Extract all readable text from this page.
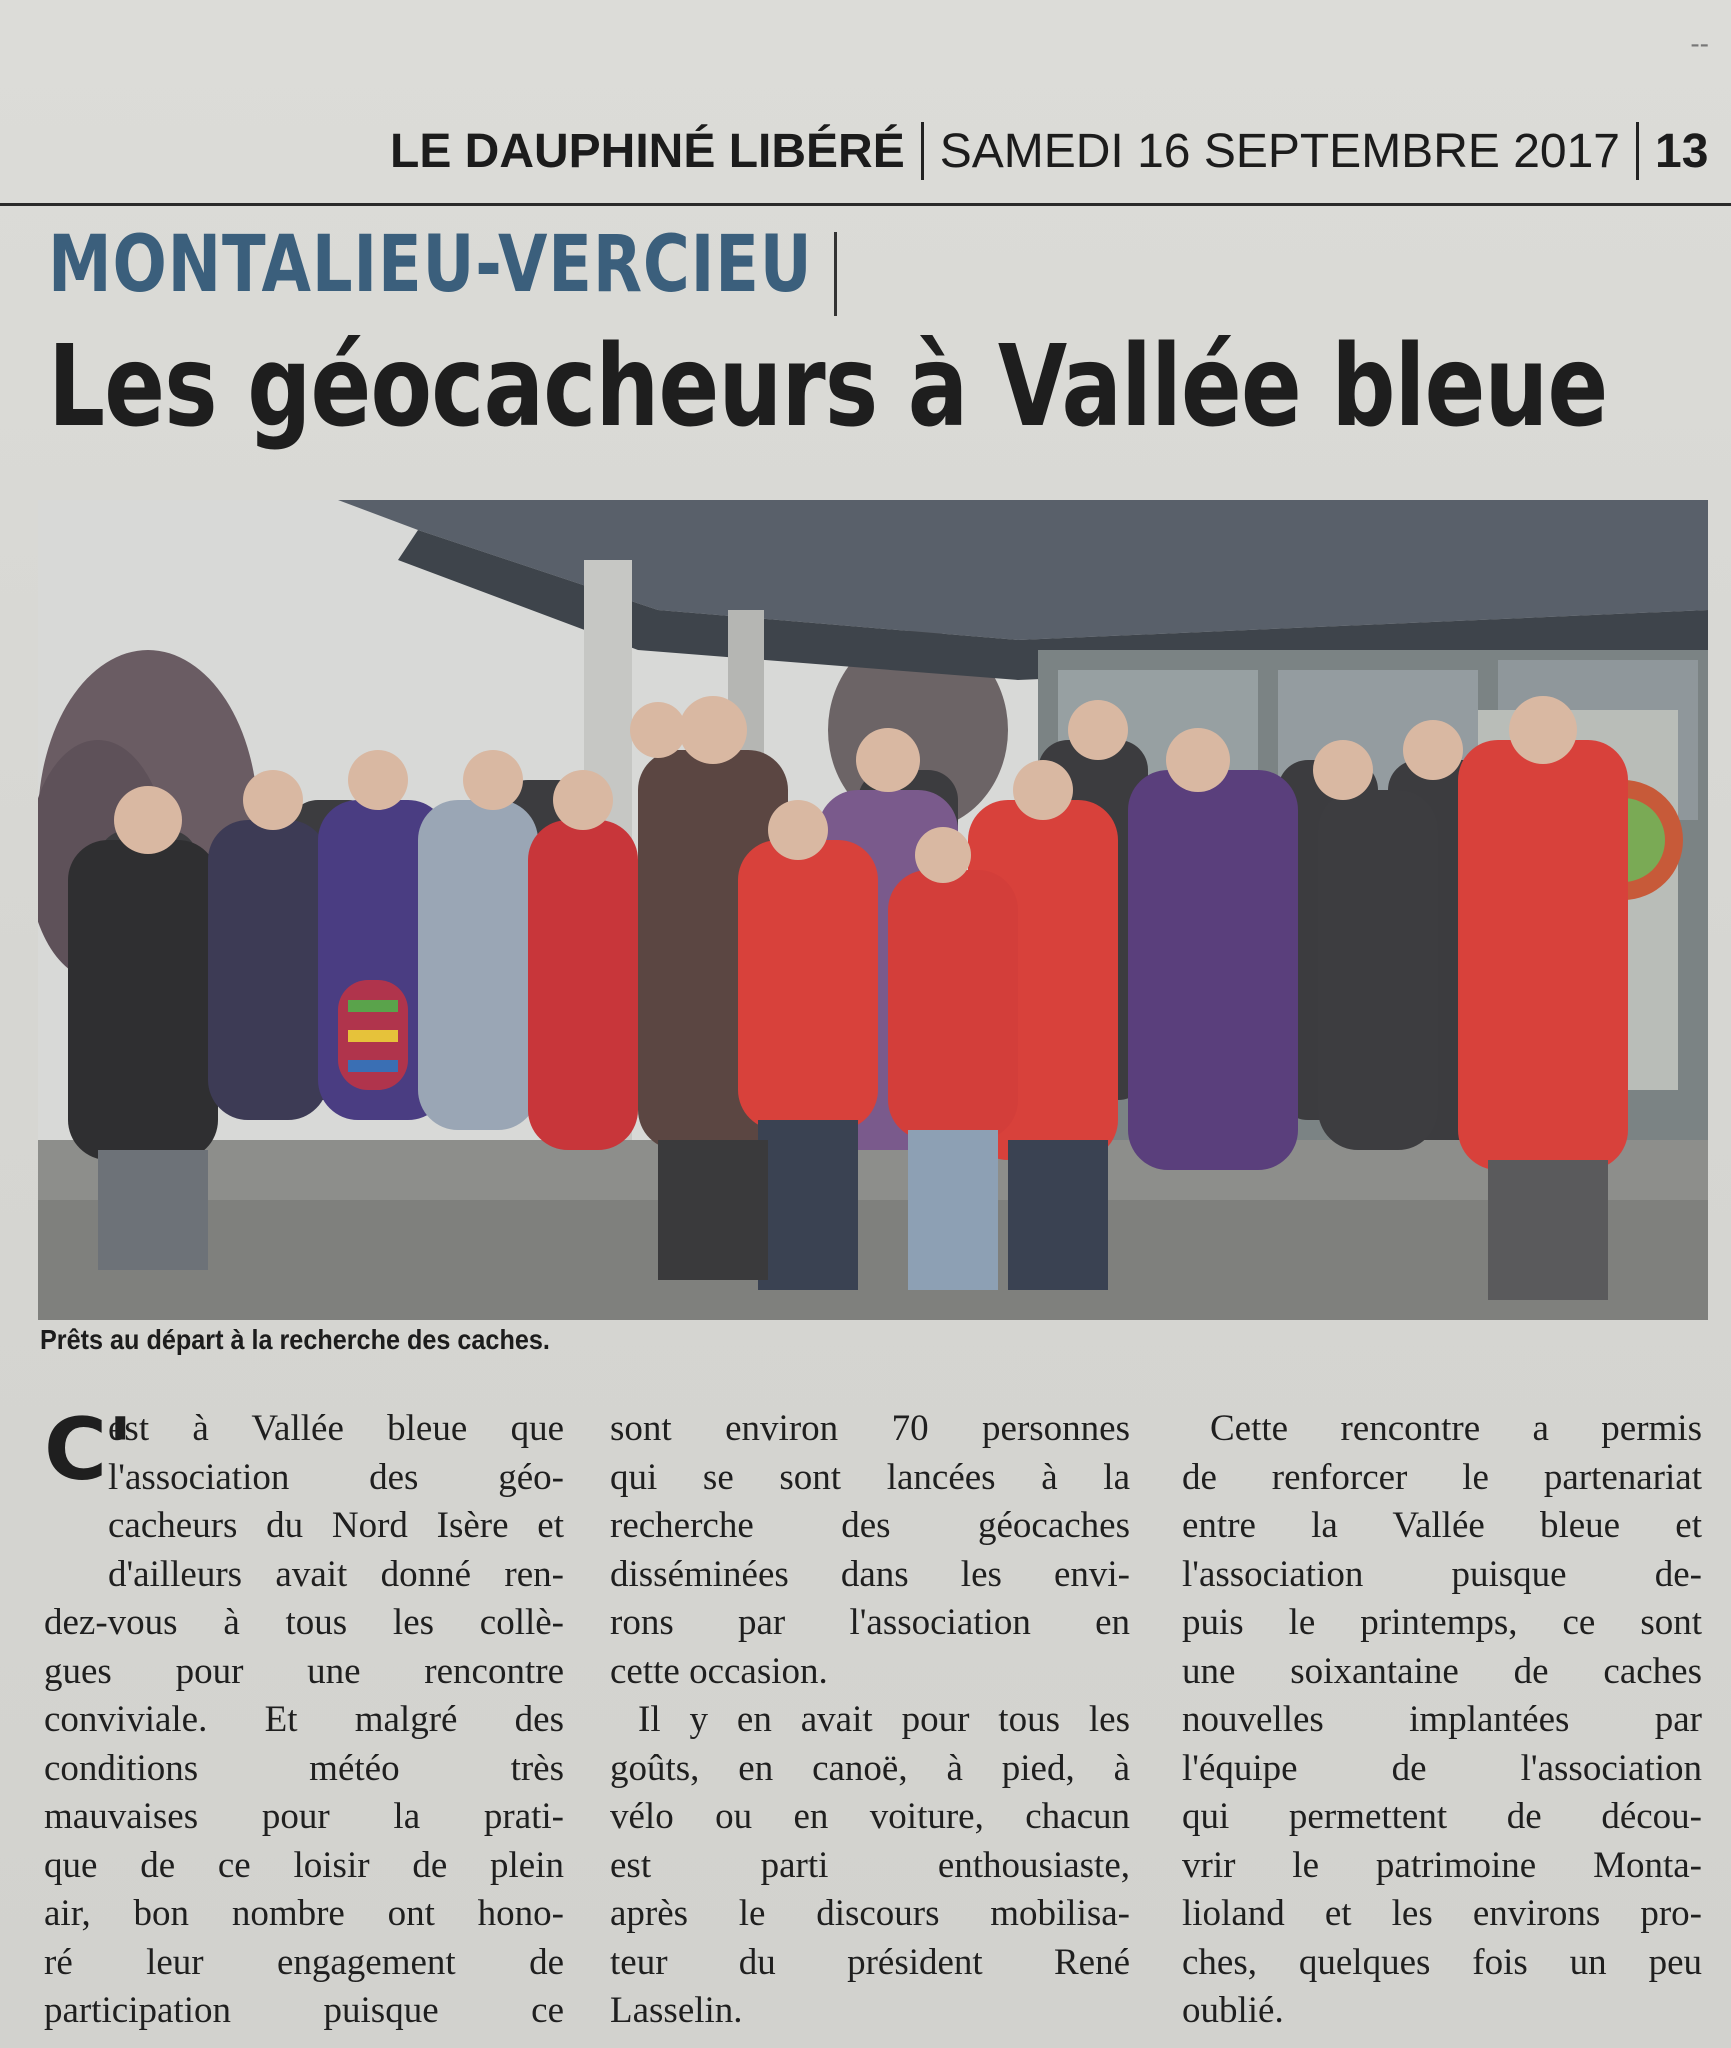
--
LE DAUPHINÉ LIBÉRÉ SAMEDI 16 SEPTEMBRE 2017 13
MONTALIEU-VERCIEU
Les géocacheurs à Vallée bleue
Prêts au départ à la recherche des caches.
C'
est à Vallée bleue que
l'association des géo-
cacheurs du Nord Isère et
d'ailleurs avait donné ren-
dez-vous à tous les collè-
gues pour une rencontre
conviviale. Et malgré des
conditions météo très
mauvaises pour la prati-
que de ce loisir de plein
air, bon nombre ont hono-
ré leur engagement de
participation puisque ce
sont environ 70 personnes
qui se sont lancées à la
recherche des géocaches
disséminées dans les envi-
rons par l'association en
cette occasion.
Il y en avait pour tous les
goûts, en canoë, à pied, à
vélo ou en voiture, chacun
est parti enthousiaste,
après le discours mobilisa-
teur du président René
Lasselin.
Cette rencontre a permis
de renforcer le partenariat
entre la Vallée bleue et
l'association puisque de-
puis le printemps, ce sont
une soixantaine de caches
nouvelles implantées par
l'équipe de l'association
qui permettent de décou-
vrir le patrimoine Monta-
lioland et les environs pro-
ches, quelques fois un peu
oublié.
